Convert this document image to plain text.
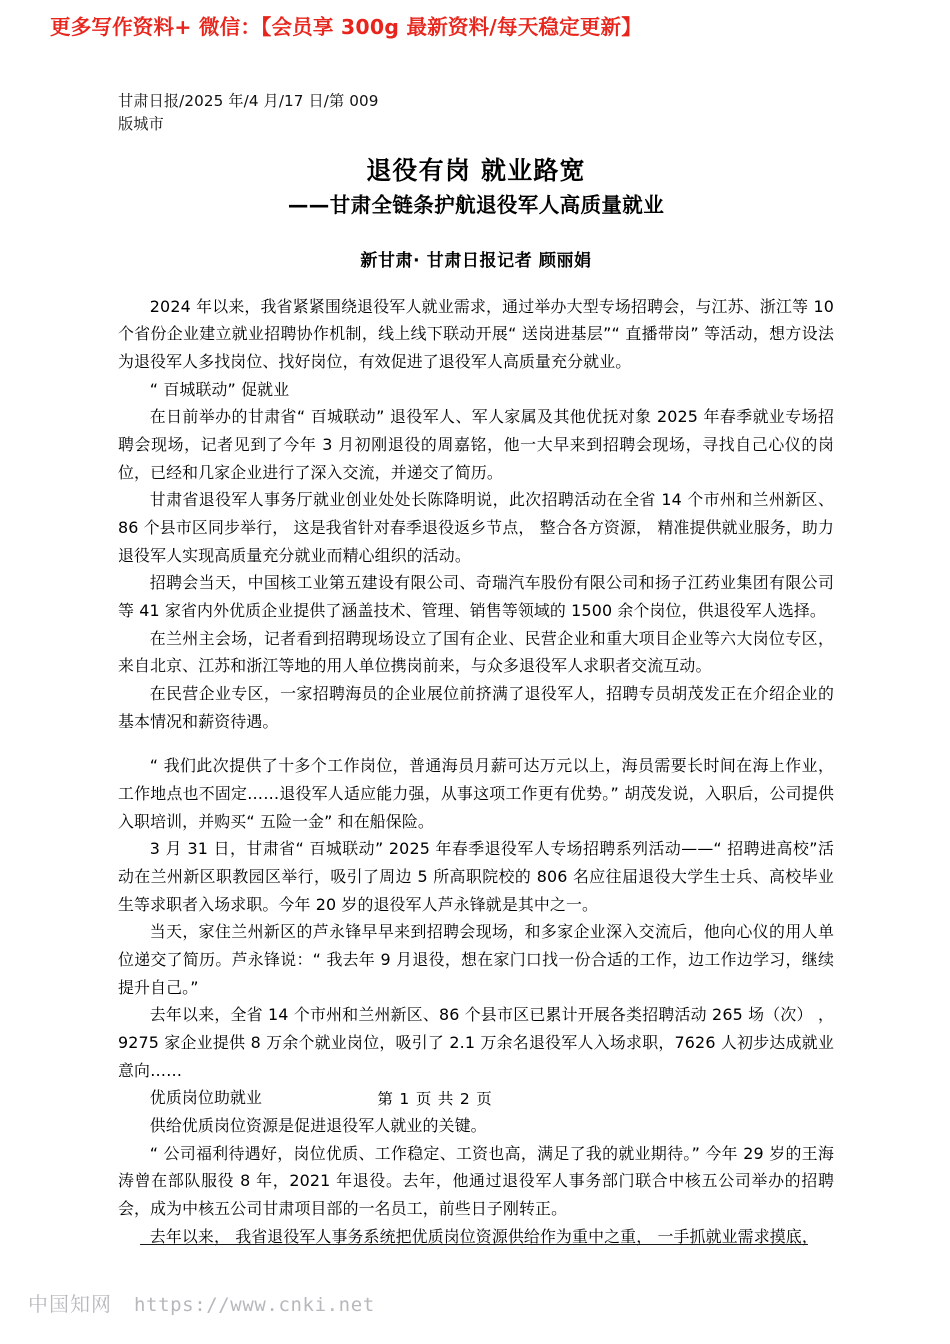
更多写作资料+ 微信：【会员享 300g 最新资料/每天稳定更新】
甘肃日报/2025 年/4 月/17 日/第 009
版城市
退役有岗 就业路宽
——甘肃全链条护航退役军人高质量就业
新甘肃· 甘肃日报记者 顾丽娟

2024 年以来，我省紧紧围绕退役军人就业需求，通过举办大型专场招聘会，与江苏、浙江等 10 个省份企业建立就业招聘协作机制，线上线下联动开展“ 送岗进基层”“ 直播带岗” 等活动，想方设法为退役军人多找岗位、找好岗位，有效促进了退役军人高质量充分就业。

“ 百城联动” 促就业

在日前举办的甘肃省“ 百城联动” 退役军人、军人家属及其他优抚对象 2025 年春季就业专场招聘会现场，记者见到了今年 3 月初刚退役的周嘉铭，他一大早来到招聘会现场，寻找自己心仪的岗位，已经和几家企业进行了深入交流，并递交了简历。

甘肃省退役军人事务厅就业创业处处长陈降明说，此次招聘活动在全省 14 个市州和兰州新区、 86 个县市区同步举行， 这是我省针对春季退役返乡节点， 整合各方资源， 精准提供就业服务，助力退役军人实现高质量充分就业而精心组织的活动。

招聘会当天，中国核工业第五建设有限公司、奇瑞汽车股份有限公司和扬子江药业集团有限公司等 41 家省内外优质企业提供了涵盖技术、管理、销售等领域的 1500 余个岗位，供退役军人选择。

在兰州主会场，记者看到招聘现场设立了国有企业、民营企业和重大项目企业等六大岗位专区，来自北京、江苏和浙江等地的用人单位携岗前来，与众多退役军人求职者交流互动。

在民营企业专区，一家招聘海员的企业展位前挤满了退役军人，招聘专员胡茂发正在介绍企业的基本情况和薪资待遇。

“ 我们此次提供了十多个工作岗位，普通海员月薪可达万元以上，海员需要长时间在海上作业，工作地点也不固定……退役军人适应能力强，从事这项工作更有优势。” 胡茂发说，入职后，公司提供入职培训，并购买“ 五险一金” 和在船保险。

3 月 31 日，甘肃省“ 百城联动” 2025 年春季退役军人专场招聘系列活动——“ 招聘进高校”活动在兰州新区职教园区举行，吸引了周边 5 所高职院校的 806 名应往届退役大学生士兵、高校毕业生等求职者入场求职。今年 20 岁的退役军人芦永锋就是其中之一。

当天，家住兰州新区的芦永锋早早来到招聘会现场，和多家企业深入交流后，他向心仪的用人单位递交了简历。芦永锋说：“ 我去年 9 月退役，想在家门口找一份合适的工作，边工作边学习，继续提升自己。”

去年以来，全省 14 个市州和兰州新区、86 个县市区已累计开展各类招聘活动 265 场（次） ，9275 家企业提供 8 万余个就业岗位，吸引了 2.1 万余名退役军人入场求职，7626 人初步达成就业意向……

优质岗位助就业

供给优质岗位资源是促进退役军人就业的关键。

“ 公司福利待遇好，岗位优质、工作稳定、工资也高，满足了我的就业期待。” 今年 29 岁的王海涛曾在部队服役 8 年，2021 年退役。去年，他通过退役军人事务部门联合中核五公司举办的招聘会，成为中核五公司甘肃项目部的一名员工，前些日子刚转正。

去年以来， 我省退役军人事务系统把优质岗位资源供给作为重中之重， 一手抓就业需求摸底，

第 1 页 共 2 页
中国知网 https://www.cnki.net
